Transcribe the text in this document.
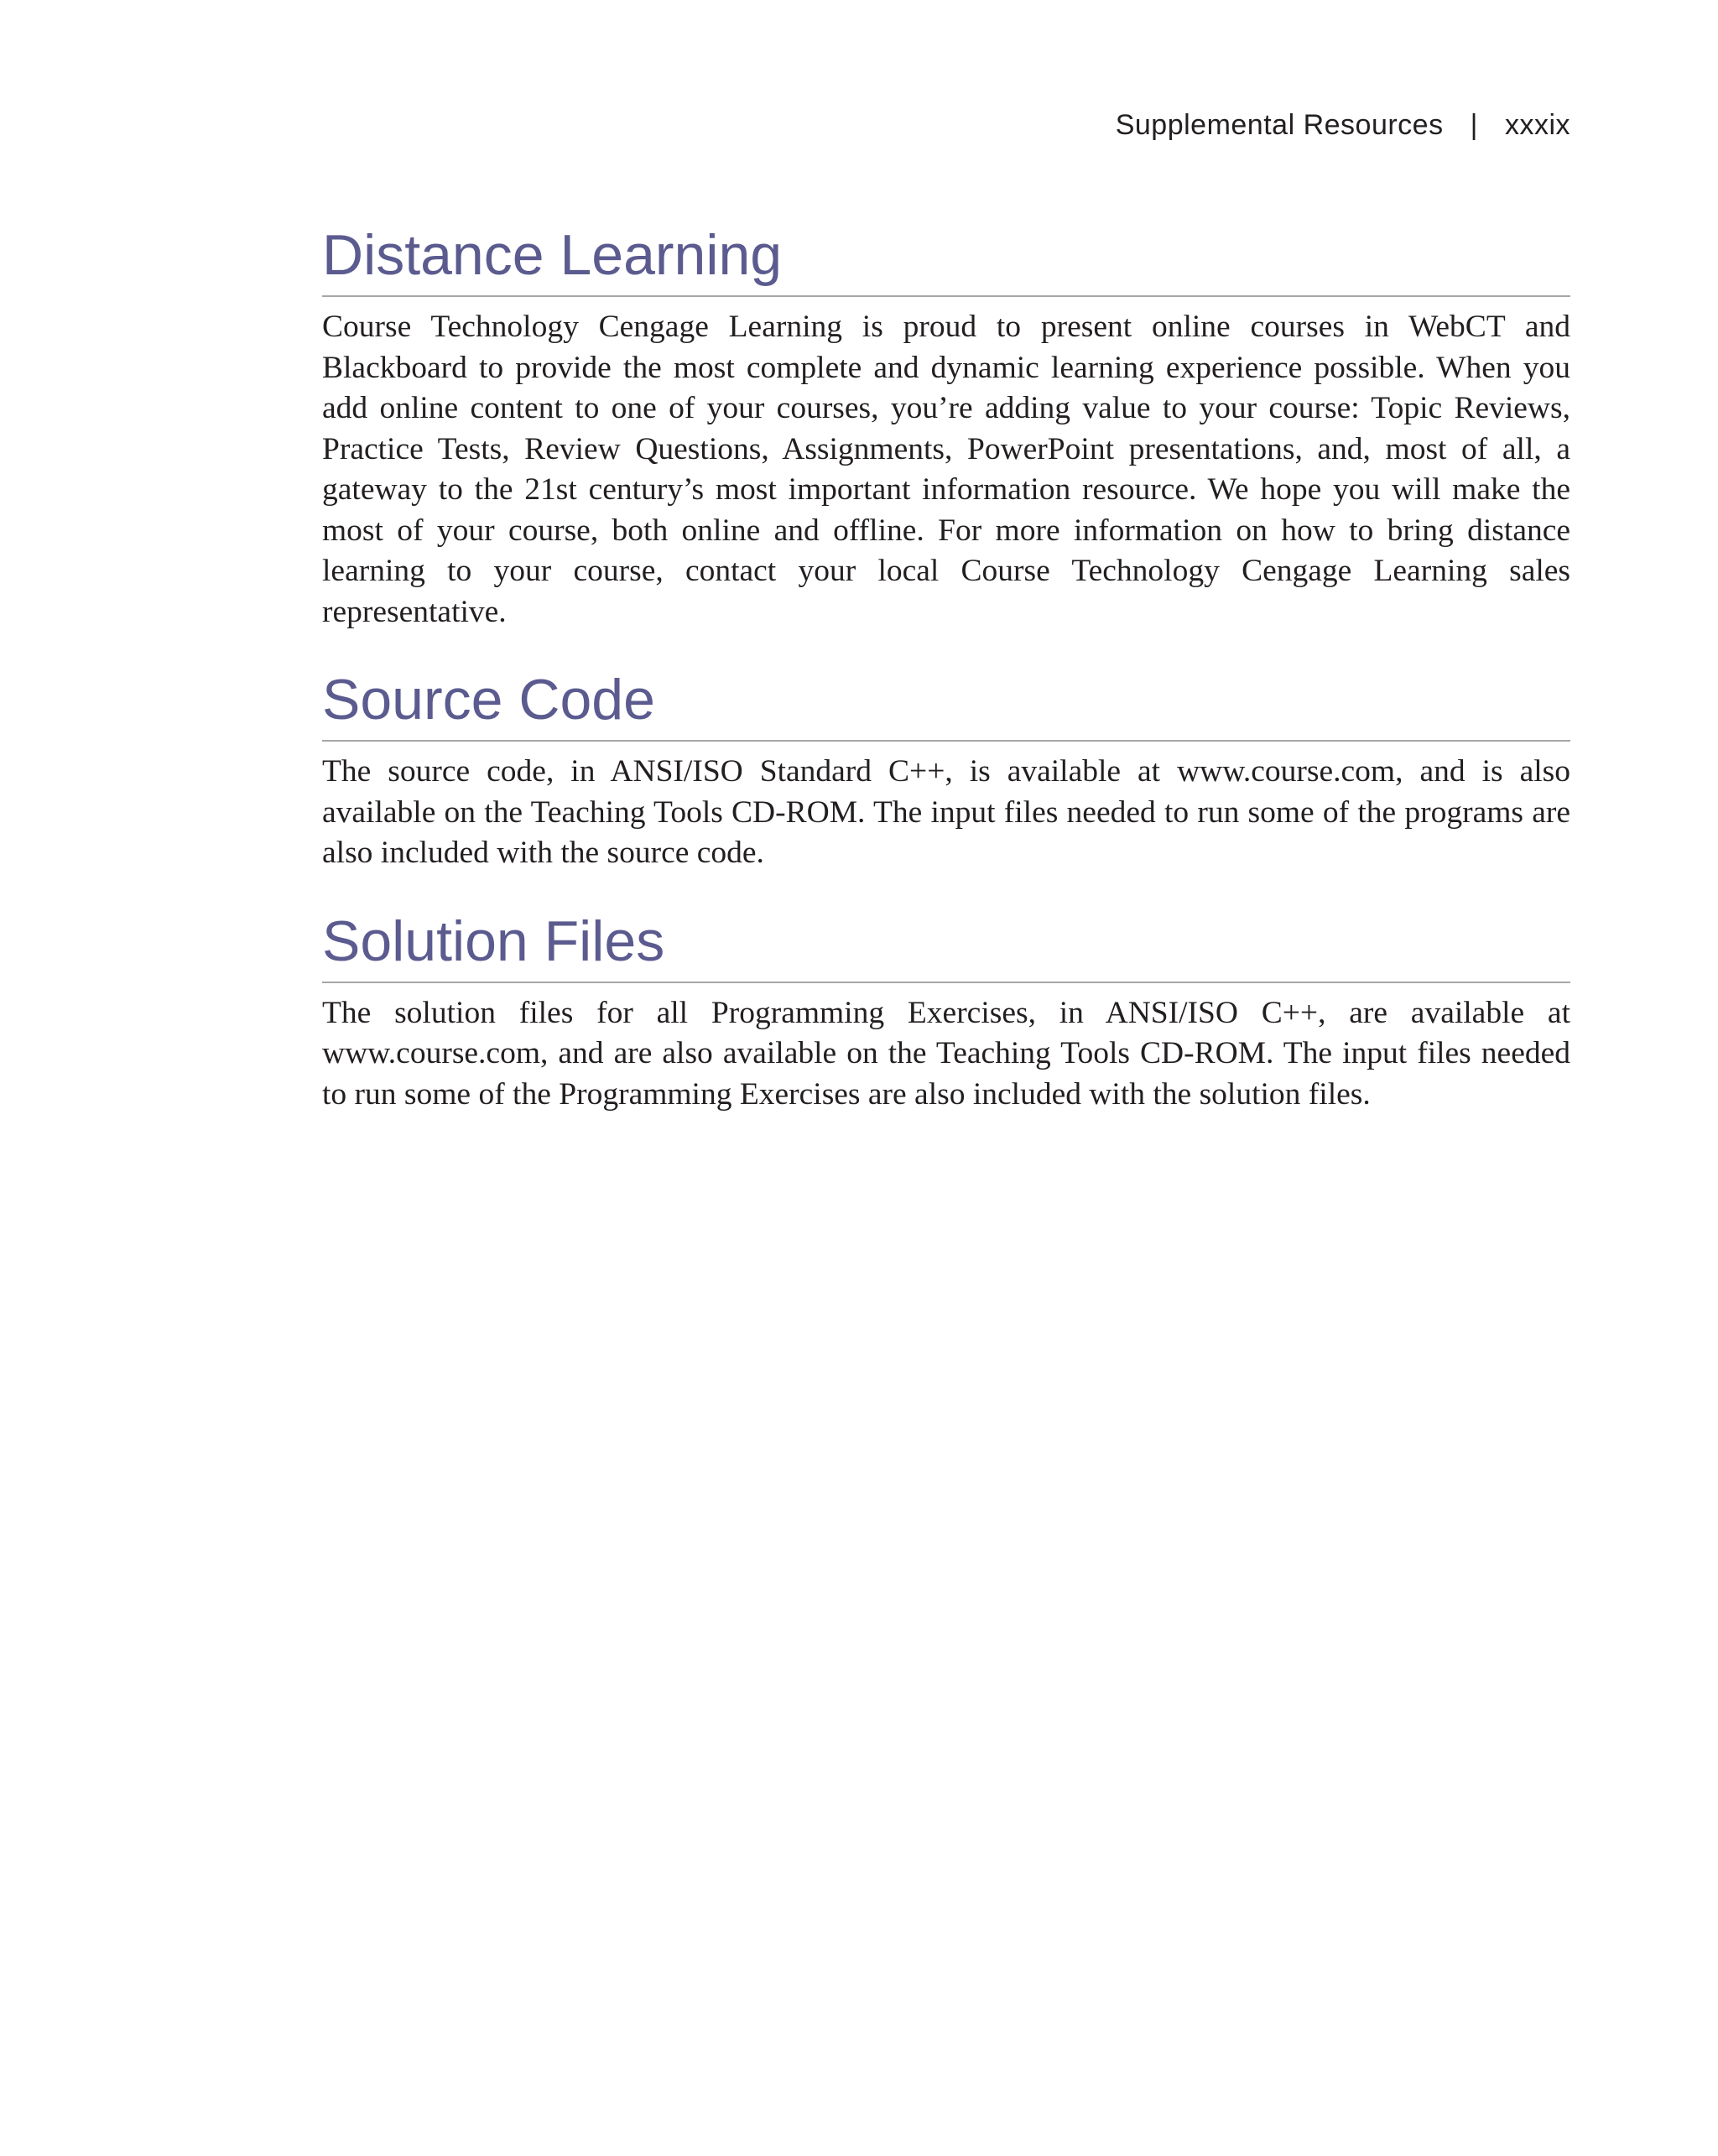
Supplemental Resources | xxxix
Distance Learning

Course Technology Cengage Learning is proud to present online courses in WebCT and Blackboard to provide the most complete and dynamic learning experience possible. When you add online content to one of your courses, you’re adding value to your course: Topic Reviews, Practice Tests, Review Questions, Assignments, PowerPoint presentations, and, most of all, a gateway to the 21st century’s most important information resource. We hope you will make the most of your course, both online and offline. For more information on how to bring distance learning to your course, contact your local Course Technology Cengage Learning sales representative.

Source Code

The source code, in ANSI/ISO Standard C++, is available at www.course.com, and is also available on the Teaching Tools CD-ROM. The input files needed to run some of the programs are also included with the source code.

Solution Files

The solution files for all Programming Exercises, in ANSI/ISO C++, are available at www.course.com, and are also available on the Teaching Tools CD-ROM. The input files needed to run some of the Programming Exercises are also included with the solution files.
